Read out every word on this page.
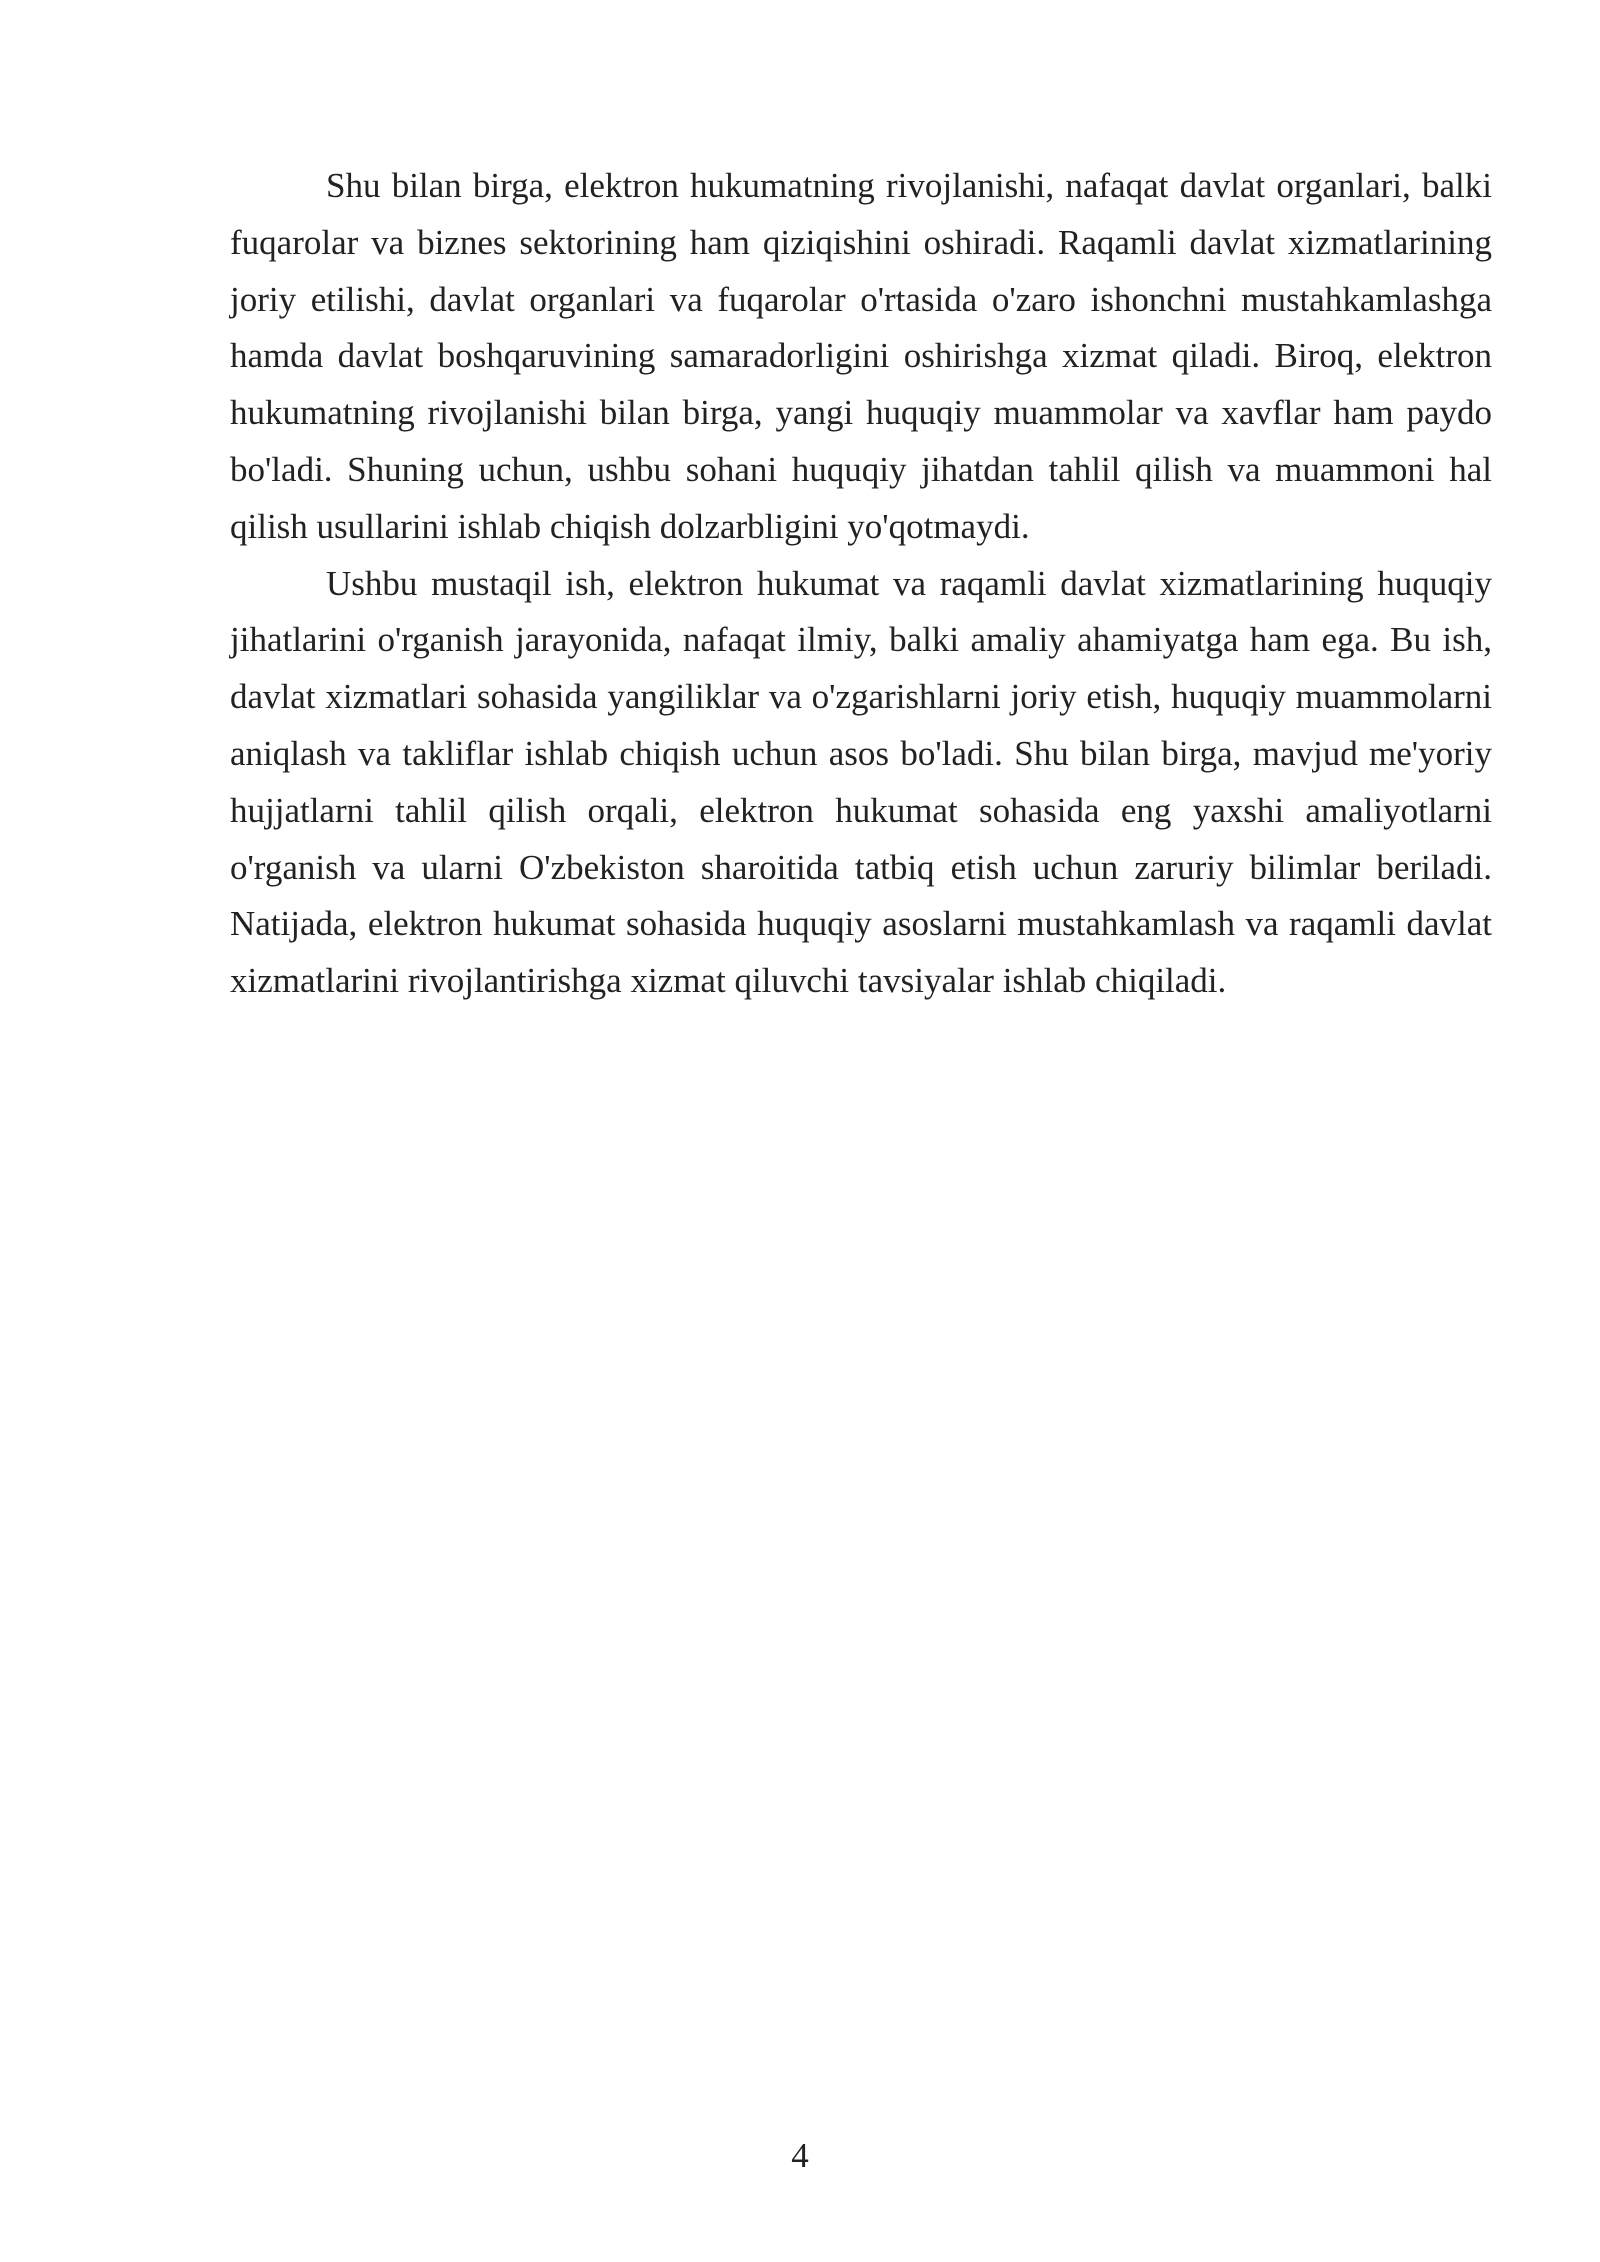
Shu bilan birga, elektron hukumatning rivojlanishi, nafaqat davlat organlari, balki fuqarolar va biznes sektorining ham qiziqishini oshiradi. Raqamli davlat xizmatlarining joriy etilishi, davlat organlari va fuqarolar o'rtasida o'zaro ishonchni mustahkamlashga hamda davlat boshqaruvining samaradorligini oshirishga xizmat qiladi. Biroq, elektron hukumatning rivojlanishi bilan birga, yangi huquqiy muammolar va xavflar ham paydo bo'ladi. Shuning uchun, ushbu sohani huquqiy jihatdan tahlil qilish va muammoni hal qilish usullarini ishlab chiqish dolzarbligini yo'qotmaydi.

Ushbu mustaqil ish, elektron hukumat va raqamli davlat xizmatlarining huquqiy jihatlarini o'rganish jarayonida, nafaqat ilmiy, balki amaliy ahamiyatga ham ega. Bu ish, davlat xizmatlari sohasida yangiliklar va o'zgarishlarni joriy etish, huquqiy muammolarni aniqlash va takliflar ishlab chiqish uchun asos bo'ladi. Shu bilan birga, mavjud me'yoriy hujjatlarni tahlil qilish orqali, elektron hukumat sohasida eng yaxshi amaliyotlarni o'rganish va ularni O'zbekiston sharoitida tatbiq etish uchun zaruriy bilimlar beriladi. Natijada, elektron hukumat sohasida huquqiy asoslarni mustahkamlash va raqamli davlat xizmatlarini rivojlantirishga xizmat qiluvchi tavsiyalar ishlab chiqiladi.

4
